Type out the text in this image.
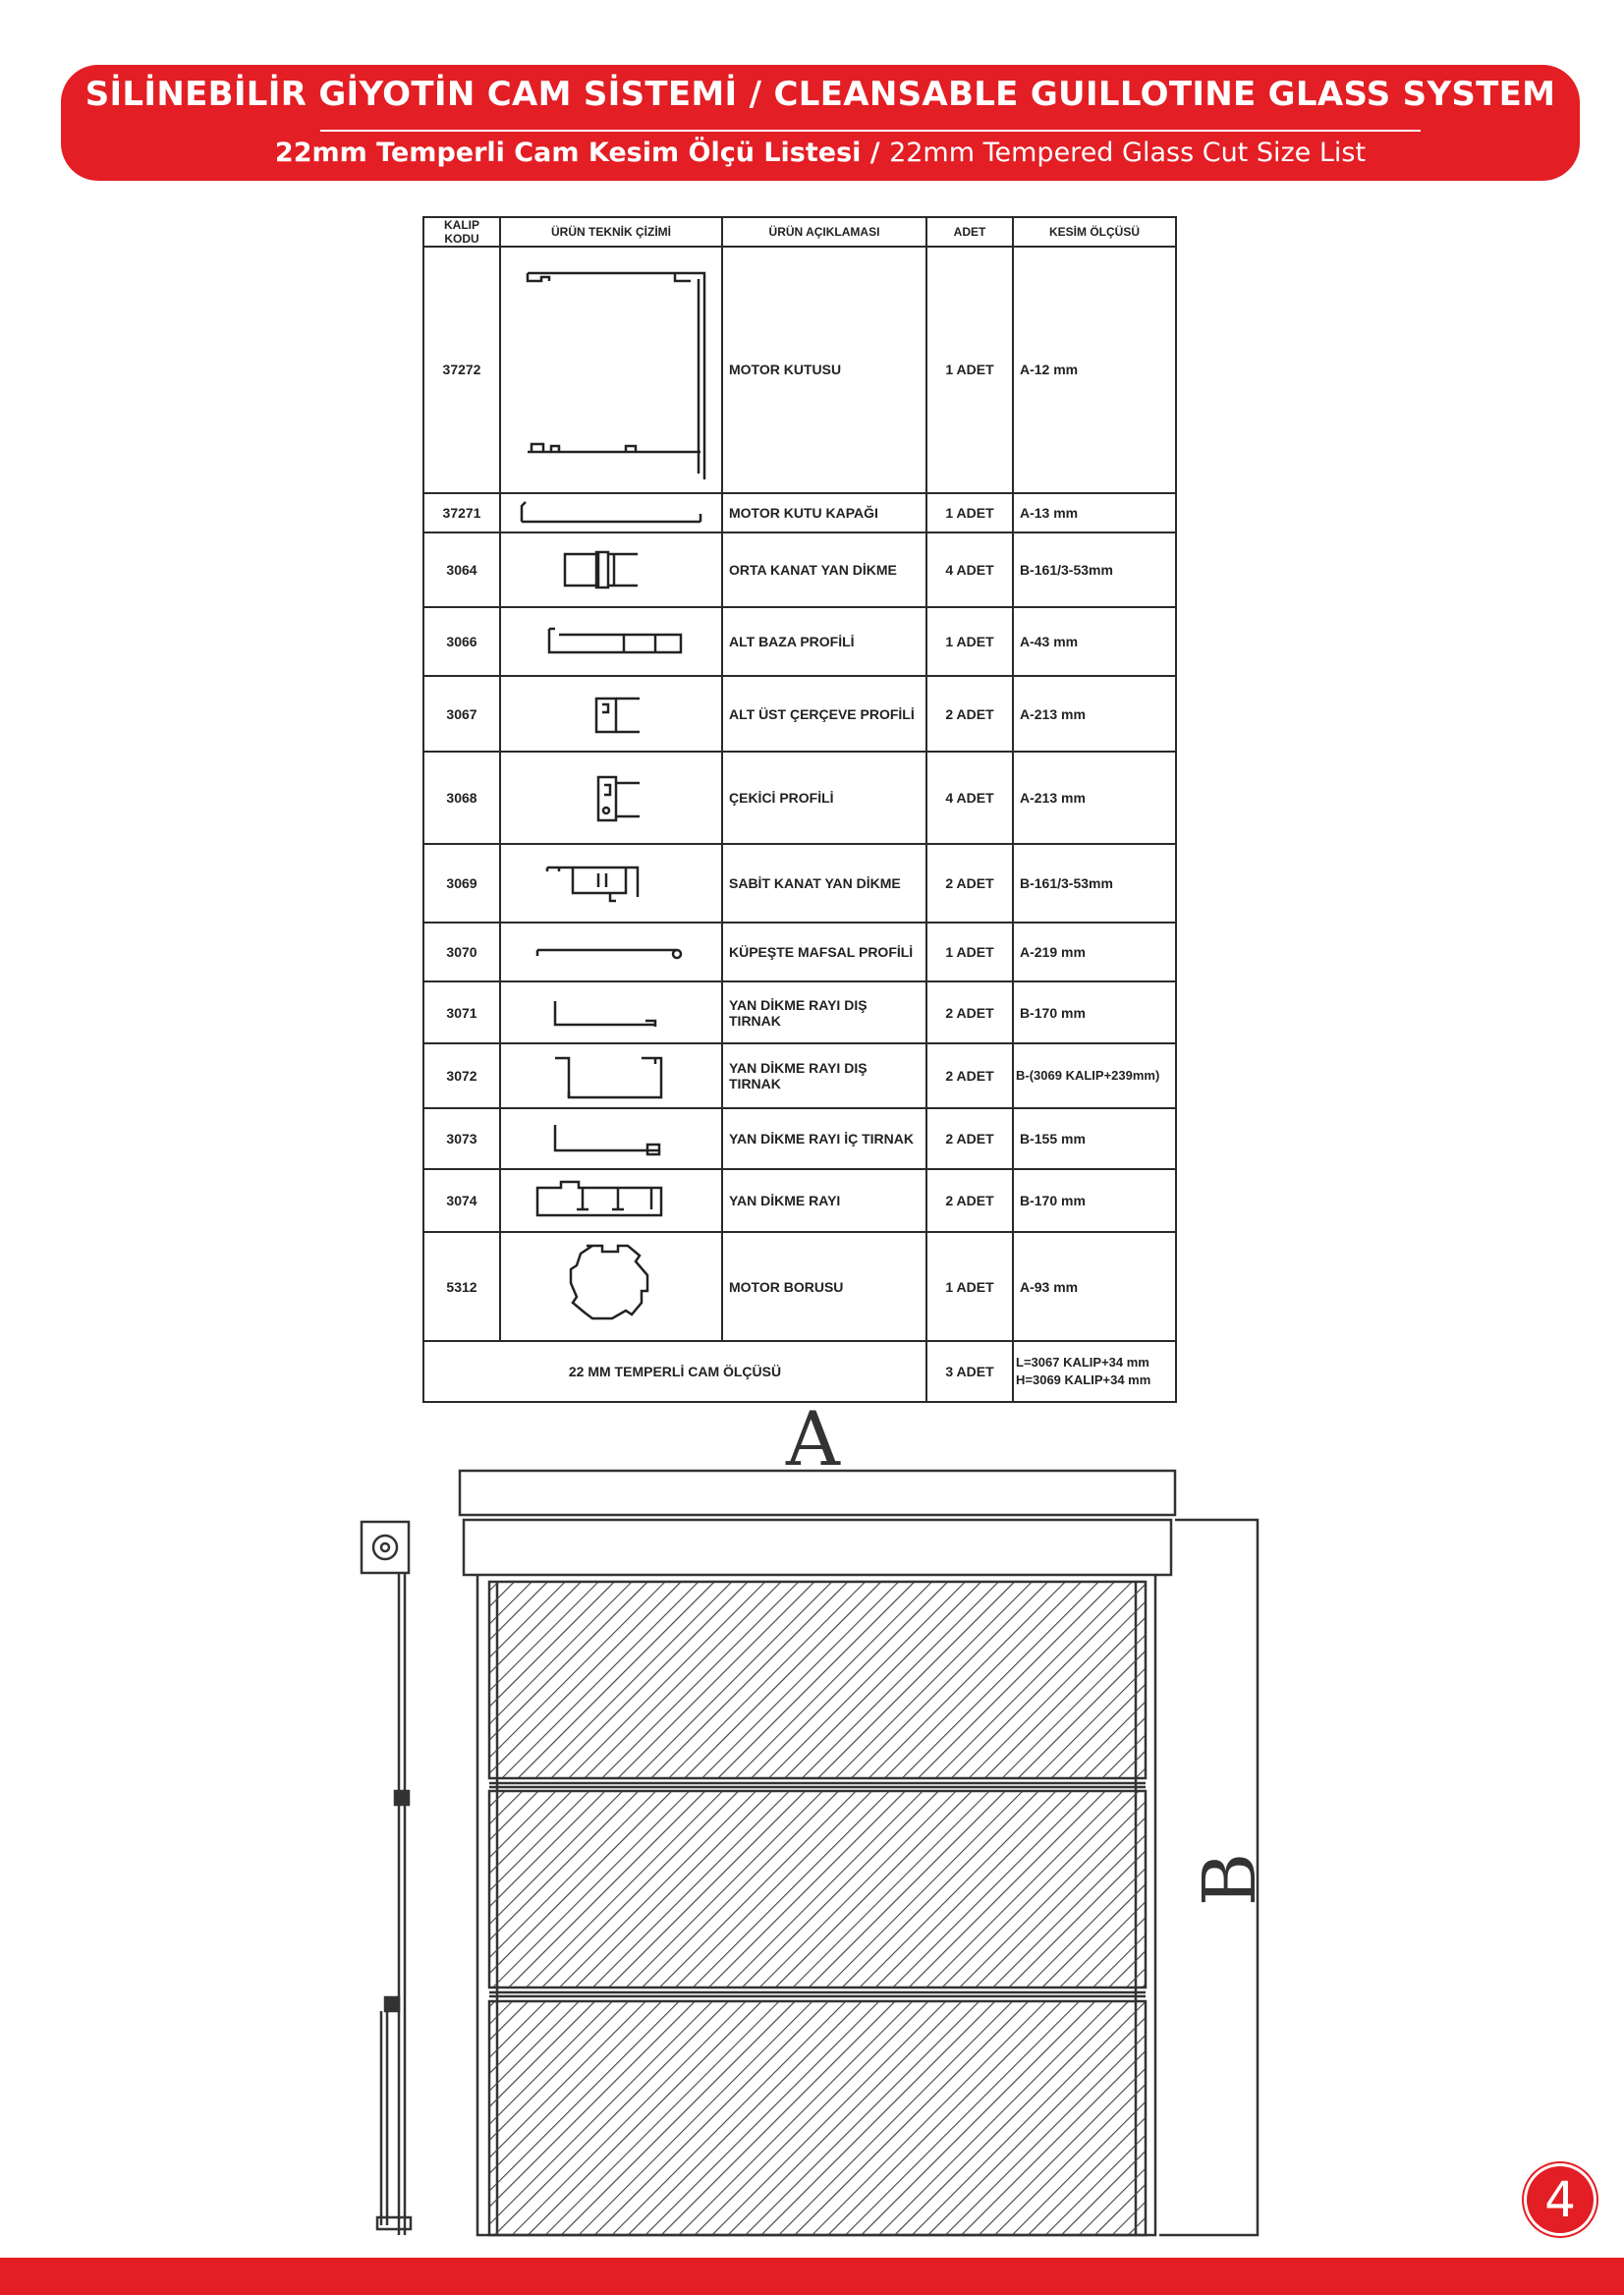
SİLİNEBİLİR GİYOTİN CAM SİSTEMİ / CLEANSABLE GUILLOTINE GLASS SYSTEM
22mm Temperli Cam Kesim Ölçü Listesi / 22mm Tempered Glass Cut Size List
KALIP KODU	ÜRÜN TEKNİK ÇİZİMİ	ÜRÜN AÇIKLAMASI	ADET	KESİM ÖLÇÜSÜ
37272		MOTOR KUTUSU	1 ADET	A-12 mm
37271		MOTOR KUTU KAPAĞI	1 ADET	A-13 mm
3064		ORTA KANAT YAN DİKME	4 ADET	B-161/3-53mm
3066		ALT BAZA PROFİLİ	1 ADET	A-43 mm
3067		ALT ÜST ÇERÇEVE PROFİLİ	2 ADET	A-213 mm
3068		ÇEKİCİ PROFİLİ	4 ADET	A-213 mm
3069		SABİT KANAT YAN DİKME	2 ADET	B-161/3-53mm
3070		KÜPEŞTE MAFSAL PROFİLİ	1 ADET	A-219 mm
3071		YAN DİKME RAYI DIŞ TIRNAK	2 ADET	B-170 mm
3072		YAN DİKME RAYI DIŞ TIRNAK	2 ADET	B-(3069 KALIP+239mm)
3073		YAN DİKME RAYI İÇ TIRNAK	2 ADET	B-155 mm
3074		YAN DİKME RAYI	2 ADET	B-170 mm
5312		MOTOR BORUSU	1 ADET	A-93 mm
22 MM TEMPERLİ CAM ÖLÇÜSÜ			3 ADET	L=3067 KALIP+34 mm
H=3069 KALIP+34 mm
A
B
4
